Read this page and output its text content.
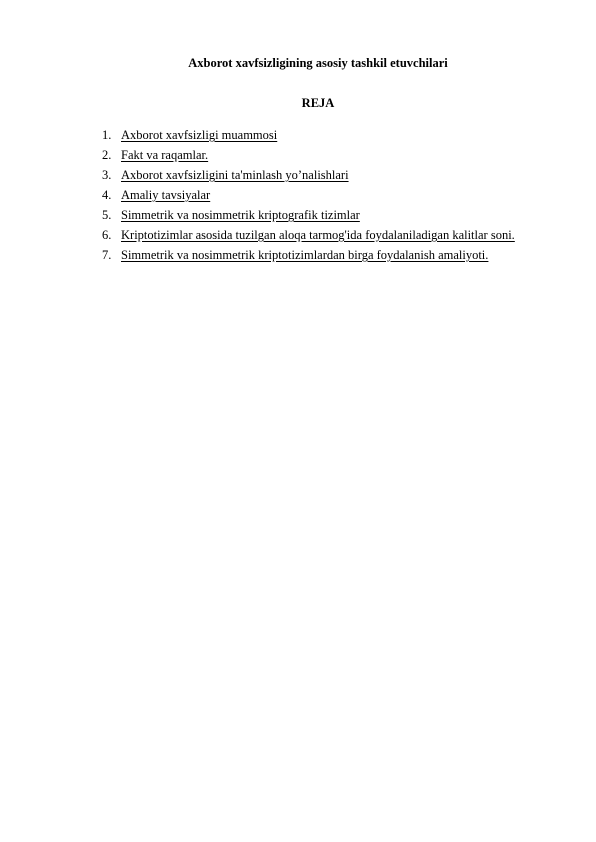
Axborot xavfsizligining asosiy tashkil etuvchilari
REJA
1. Axborot xavfsizligi muammosi
2. Fakt va raqamlar.
3. Axborot xavfsizligini ta'minlash yo’nalishlari
4. Amaliy tavsiyalar
5. Simmetrik va nosimmetrik kriptografik tizimlar
6. Kriptotizimlar asosida tuzilgan aloqa tarmog'ida foydalaniladigan kalitlar soni.
7. Simmetrik va nosimmetrik kriptotizimlardan birga foydalanish amaliyoti.
